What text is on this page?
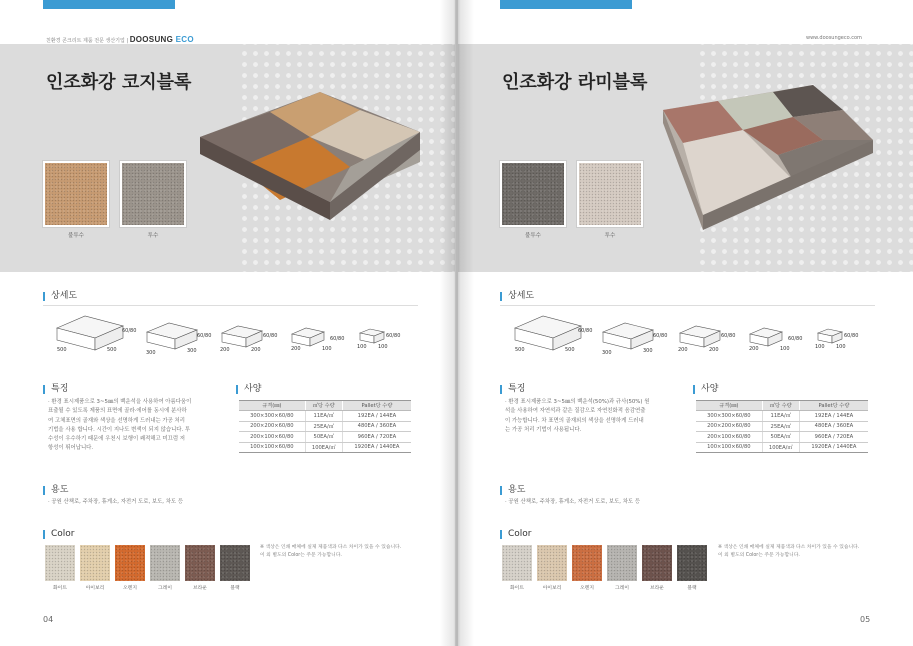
친환경 콘크리트 제품 전문 생산기업 | DOOSUNG ECO
인조화강 코지블록
불투수	투수
상세도
60/80
500	500
60/80
300	300
60/80
200	200
60/80
200	100
60/80
100 100
특징
· 환경 표시제품으로 3~5㎜의 백운석을 사용하여 아름다움이
표출될 수 있도록 제품의 표면에 골라·에어를 동시에 분사하
여 고체표면의 골재와 색상을 선명하게 드러내는 가공 처리
기법을 사용 합니다. 시간이 지나도 변색이 되지 않습니다. 투
수성이 우수하기 때문에 우천시 보행이 쾌적해고 미끄럼 저
항성이 뛰어납니다.
사양
규격(㎜)	㎡당 수량	Pallet당 수량
300×300×60/80	11EA/㎡	192EA / 144EA
200×200×60/80	25EA/㎡	480EA / 360EA
200×100×60/80	50EA/㎡	960EA / 720EA
100×100×60/80	100EA/㎡	1920EA / 1440EA
용도
· 공원 산책로, 주차장, 휴게소, 자전거 도로, 보도, 차도 등
Color
화이트	아이보리	오렌지	그레이	브라운	블랙
※ 색상은 인쇄 매체에 실제 제품색과 다소 차이가 있을 수 있습니다.
이 외 별도의 Color는 주문 가능합니다.
04
www.doosungeco.com
인조화강 라미블록
불투수	투수
상세도
60/80
500	500
60/80
300	300
60/80
200	200
60/80
200	100
60/80
100 100
특징
· 환경 표시제품으로 3~5㎜의 백운석(50%)과 규사(50%) 원
석을 사용하여 자연석과 같은 질감으로 자연친화적 음감연출
이 가능합니다. 차 표면의 골재외의 색상을 선명하게 드러내
는 가공 처리 기법이 사용됩니다.
사양
규격(㎜)	㎡당 수량	Pallet당 수량
300×300×60/80	11EA/㎡	192EA / 144EA
200×200×60/80	25EA/㎡	480EA / 360EA
200×100×60/80	50EA/㎡	960EA / 720EA
100×100×60/80	100EA/㎡	1920EA / 1440EA
용도
· 공원 산책로, 주차장, 휴게소, 자전거 도로, 보도, 차도 등
Color
화이트	아이보리	오렌지	그레이	브라운	블랙
※ 색상은 인쇄 매체에 실제 제품색과 다소 차이가 있을 수 있습니다.
이 외 별도의 Color는 주문 가능합니다.
05
